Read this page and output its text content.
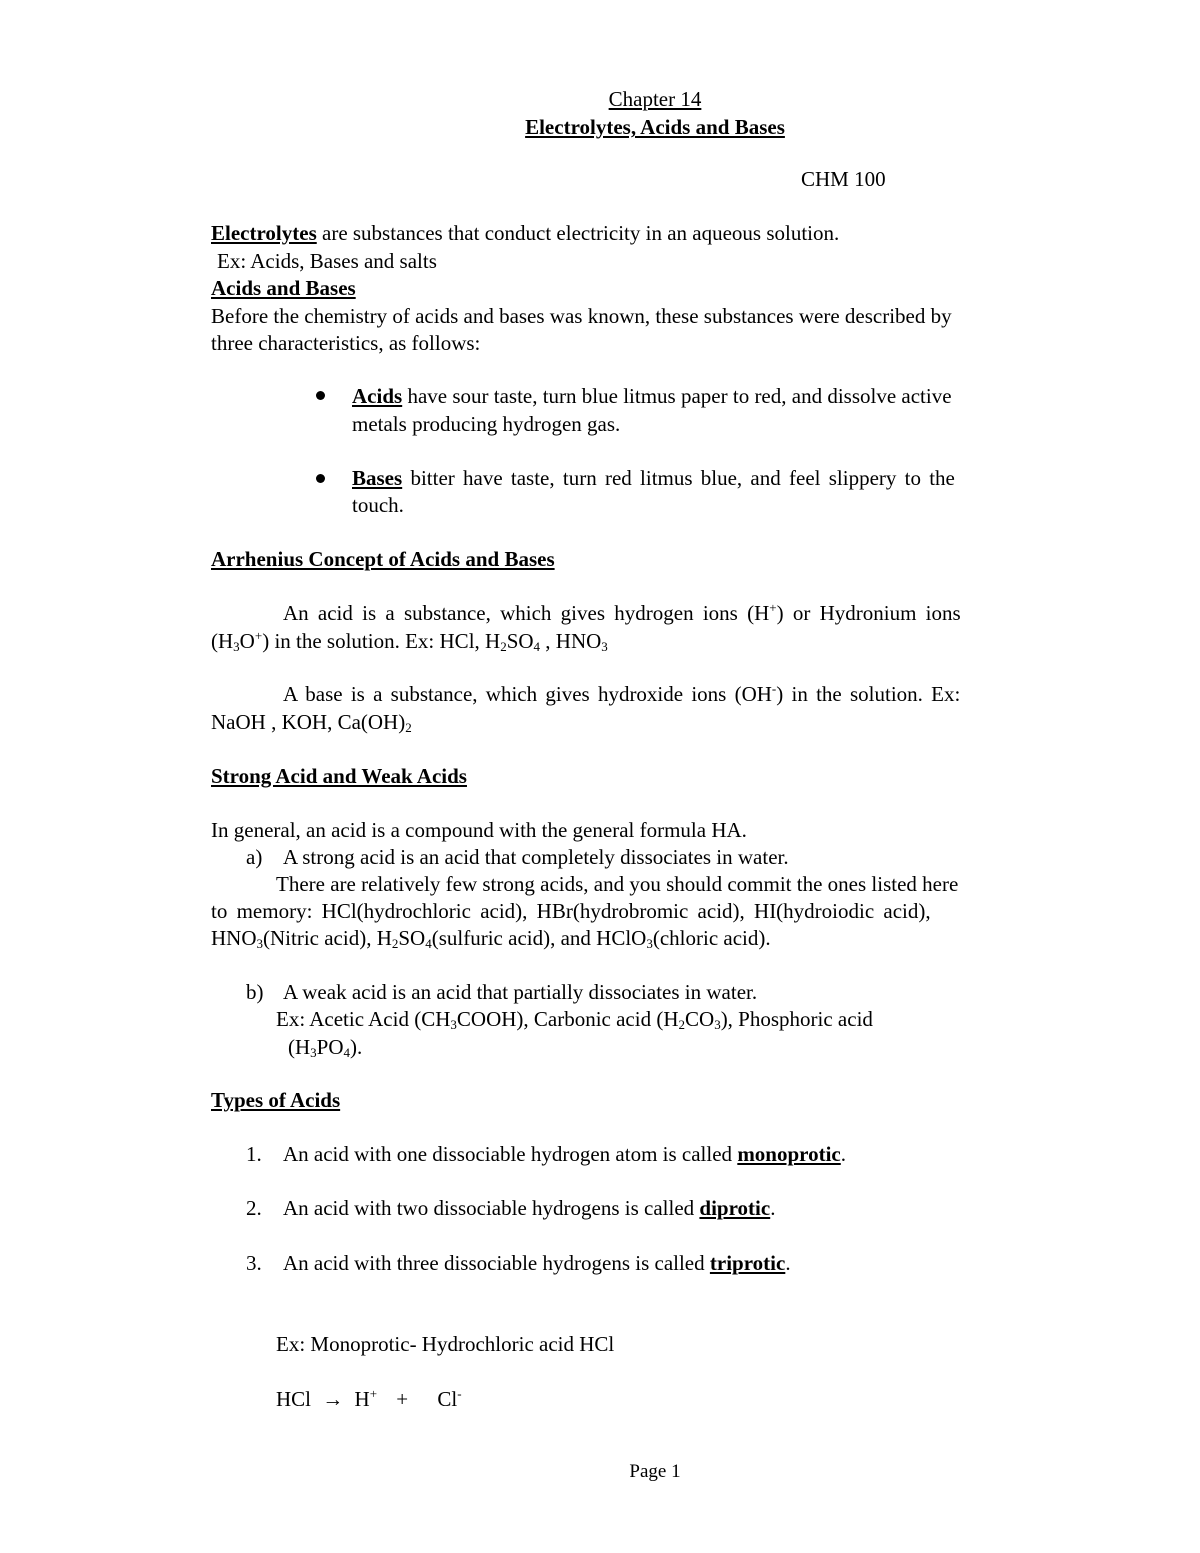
Chapter 14
Electrolytes, Acids and Bases
CHM 100
Electrolytes are substances that conduct electricity in an aqueous solution.
Ex: Acids, Bases and salts
Acids and Bases
Before the chemistry of acids and bases was known, these substances were described by
three characteristics, as follows:
Acids have sour taste, turn blue litmus paper to red, and dissolve active
metals producing hydrogen gas.
Bases bitter have taste, turn red litmus blue, and feel slippery to the
touch.
Arrhenius Concept of Acids and Bases
An acid is a substance, which gives hydrogen ions (H+) or Hydronium ions
$(H_3O^+)$ in the solution. Ex: HCl, $H_2SO_4$ , $HNO_3$
A base is a substance, which gives hydroxide ions (OH-) in the solution. Ex:
NaOH , KOH, $Ca(OH)_2$
Strong Acid and Weak Acids
In general, an acid is a compound with the general formula HA.
a) A strong acid is an acid that completely dissociates in water.
There are relatively few strong acids, and you should commit the ones listed here
to memory: HCl(hydrochloric acid), HBr(hydrobromic acid), HI(hydroiodic acid),
$HNO_3(Nitric$ acid), $H_2SO_4(sulfuric$ acid), and HClO$_3$(chloric acid).
b) A weak acid is an acid that partially dissociates in water.
Ex: Acetic Acid $(CH_3COOH)$, Carbonic acid $(H_2CO_3)$, Phosphoric acid
$(H_3PO_4)$.
Types of Acids
1. An acid with one dissociable hydrogen atom is called monoprotic.
2. An acid with two dissociable hydrogens is called diprotic.
3. An acid with three dissociable hydrogens is called triprotic.
Ex: Monoprotic- Hydrochloric acid HCl
HCl → H+ + Cl-
Page 1
